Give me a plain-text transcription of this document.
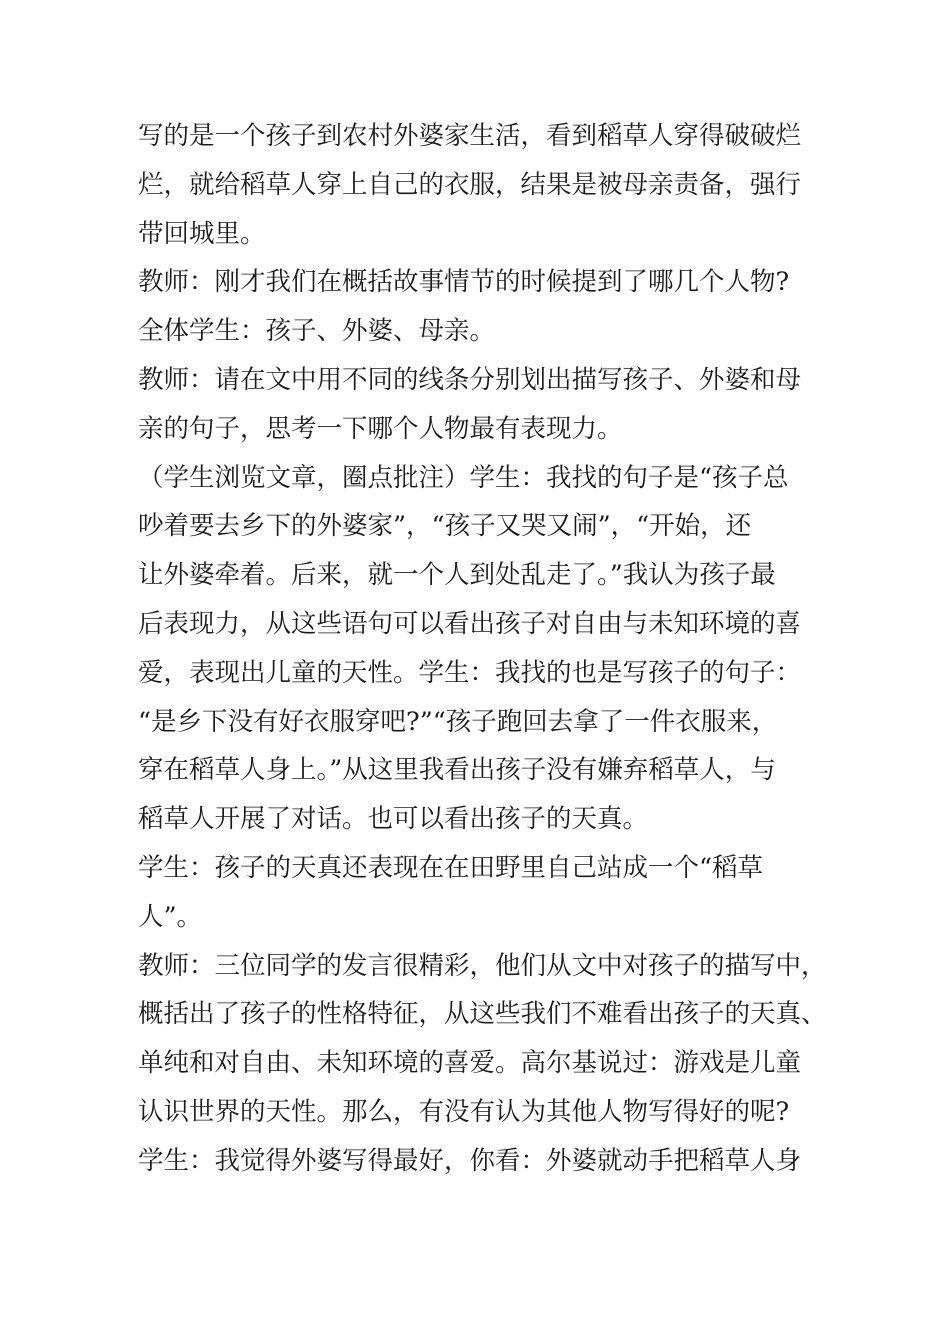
写的是一个孩子到农村外婆家生活，看到稻草人穿得破破烂
烂，就给稻草人穿上自己的衣服，结果是被母亲责备，强行
带回城里。
教师：刚才我们在概括故事情节的时候提到了哪几个人物?
全体学生：孩子、外婆、母亲。
教师：请在文中用不同的线条分别划出描写孩子、外婆和母
亲的句子，思考一下哪个人物最有表现力。
（学生浏览文章，圈点批注）学生：我找的句子是“孩子总
吵着要去乡下的外婆家”，“孩子又哭又闹”，“开始，还
让外婆牵着。后来，就一个人到处乱走了。”我认为孩子最
后表现力，从这些语句可以看出孩子对自由与未知环境的喜
爱，表现出儿童的天性。学生：我找的也是写孩子的句子：
“是乡下没有好衣服穿吧?”“孩子跑回去拿了一件衣服来，
穿在稻草人身上。”从这里我看出孩子没有嫌弃稻草人，与
稻草人开展了对话。也可以看出孩子的天真。
学生：孩子的天真还表现在在田野里自己站成一个“稻草
人”。
教师：三位同学的发言很精彩，他们从文中对孩子的描写中，
概括出了孩子的性格特征，从这些我们不难看出孩子的天真、
单纯和对自由、未知环境的喜爱。高尔基说过：游戏是儿童
认识世界的天性。那么，有没有认为其他人物写得好的呢?
学生：我觉得外婆写得最好，你看：外婆就动手把稻草人身
